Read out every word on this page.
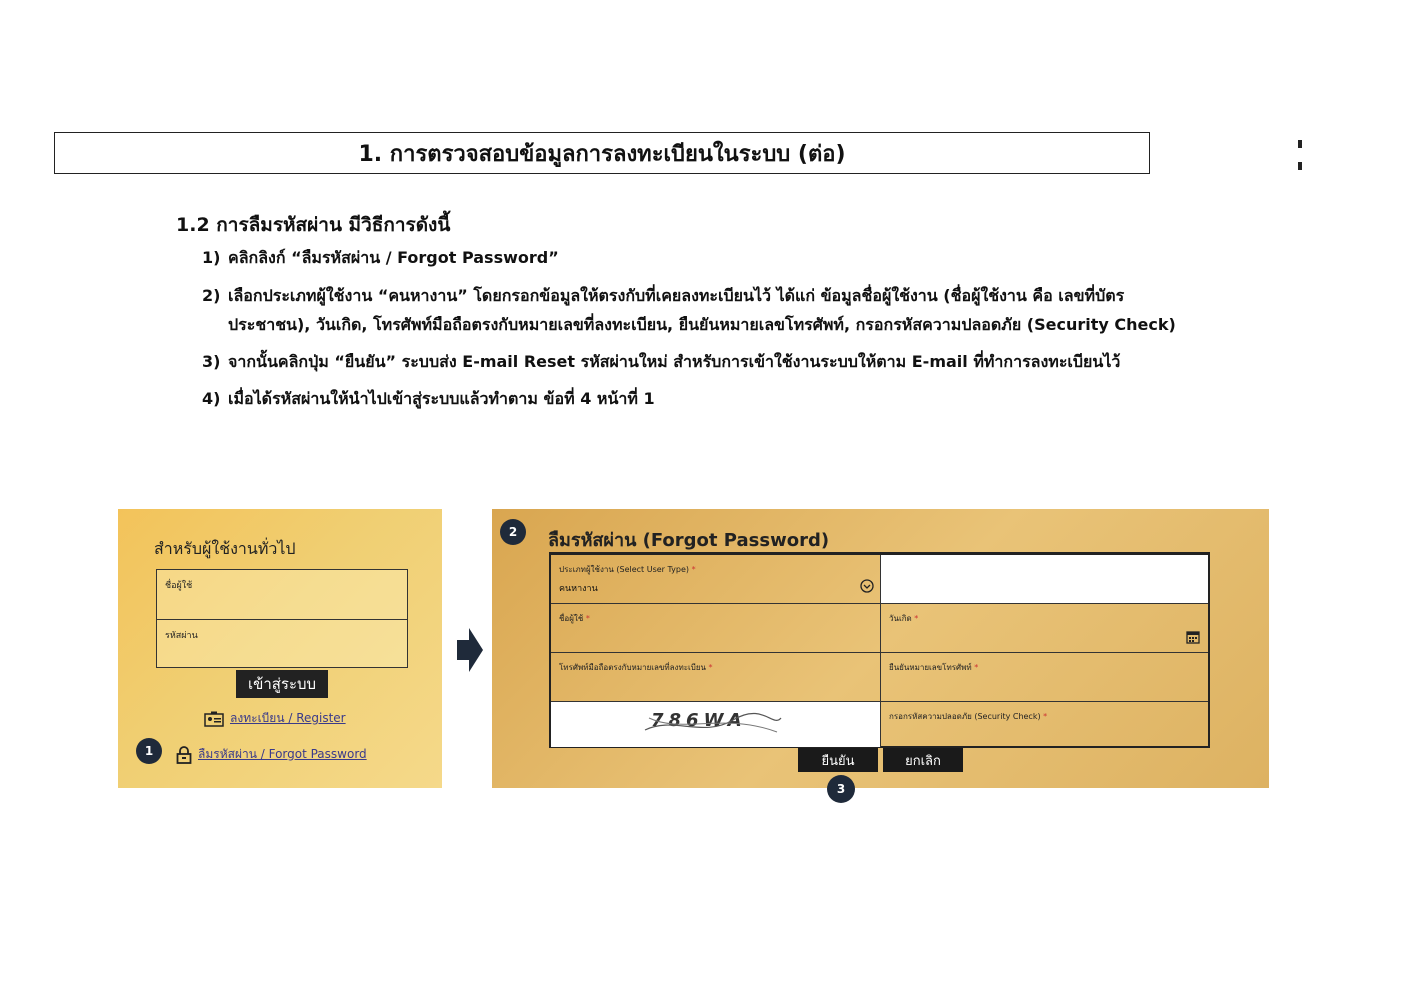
1. การตรวจสอบข้อมูลการลงทะเบียนในระบบ (ต่อ)
1.2 การลืมรหัสผ่าน มีวิธีการดังนี้
1) คลิกลิงก์ “ลืมรหัสผ่าน / Forgot Password”
2) เลือกประเภทผู้ใช้งาน “คนหางาน” โดยกรอกข้อมูลให้ตรงกับที่เคยลงทะเบียนไว้ ได้แก่ ข้อมูลชื่อผู้ใช้งาน (ชื่อผู้ใช้งาน คือ เลขที่บัตร
ประชาชน), วันเกิด, โทรศัพท์มือถือตรงกับหมายเลขที่ลงทะเบียน, ยืนยันหมายเลขโทรศัพท์, กรอกรหัสความปลอดภัย (Security Check)
3) จากนั้นคลิกปุ่ม “ยืนยัน” ระบบส่ง E-mail Reset รหัสผ่านใหม่ สำหรับการเข้าใช้งานระบบให้ตาม E-mail ที่ทำการลงทะเบียนไว้
4) เมื่อได้รหัสผ่านให้นำไปเข้าสู่ระบบแล้วทำตาม ข้อที่ 4 หน้าที่ 1
สำหรับผู้ใช้งานทั่วไป
ชื่อผู้ใช้
รหัสผ่าน
เข้าสู่ระบบ
ลงทะเบียน / Register
1	ลืมรหัสผ่าน / Forgot Password
2	ลืมรหัสผ่าน (Forgot Password)
ประเภทผู้ใช้งาน (Select User Type) *
คนหางาน
ชื่อผู้ใช้ *	วันเกิด *
โทรศัพท์มือถือตรงกับหมายเลขที่ลงทะเบียน *	ยืนยันหมายเลขโทรศัพท์ *
786WA	กรอกรหัสความปลอดภัย (Security Check) *
ยืนยัน	ยกเลิก
3
